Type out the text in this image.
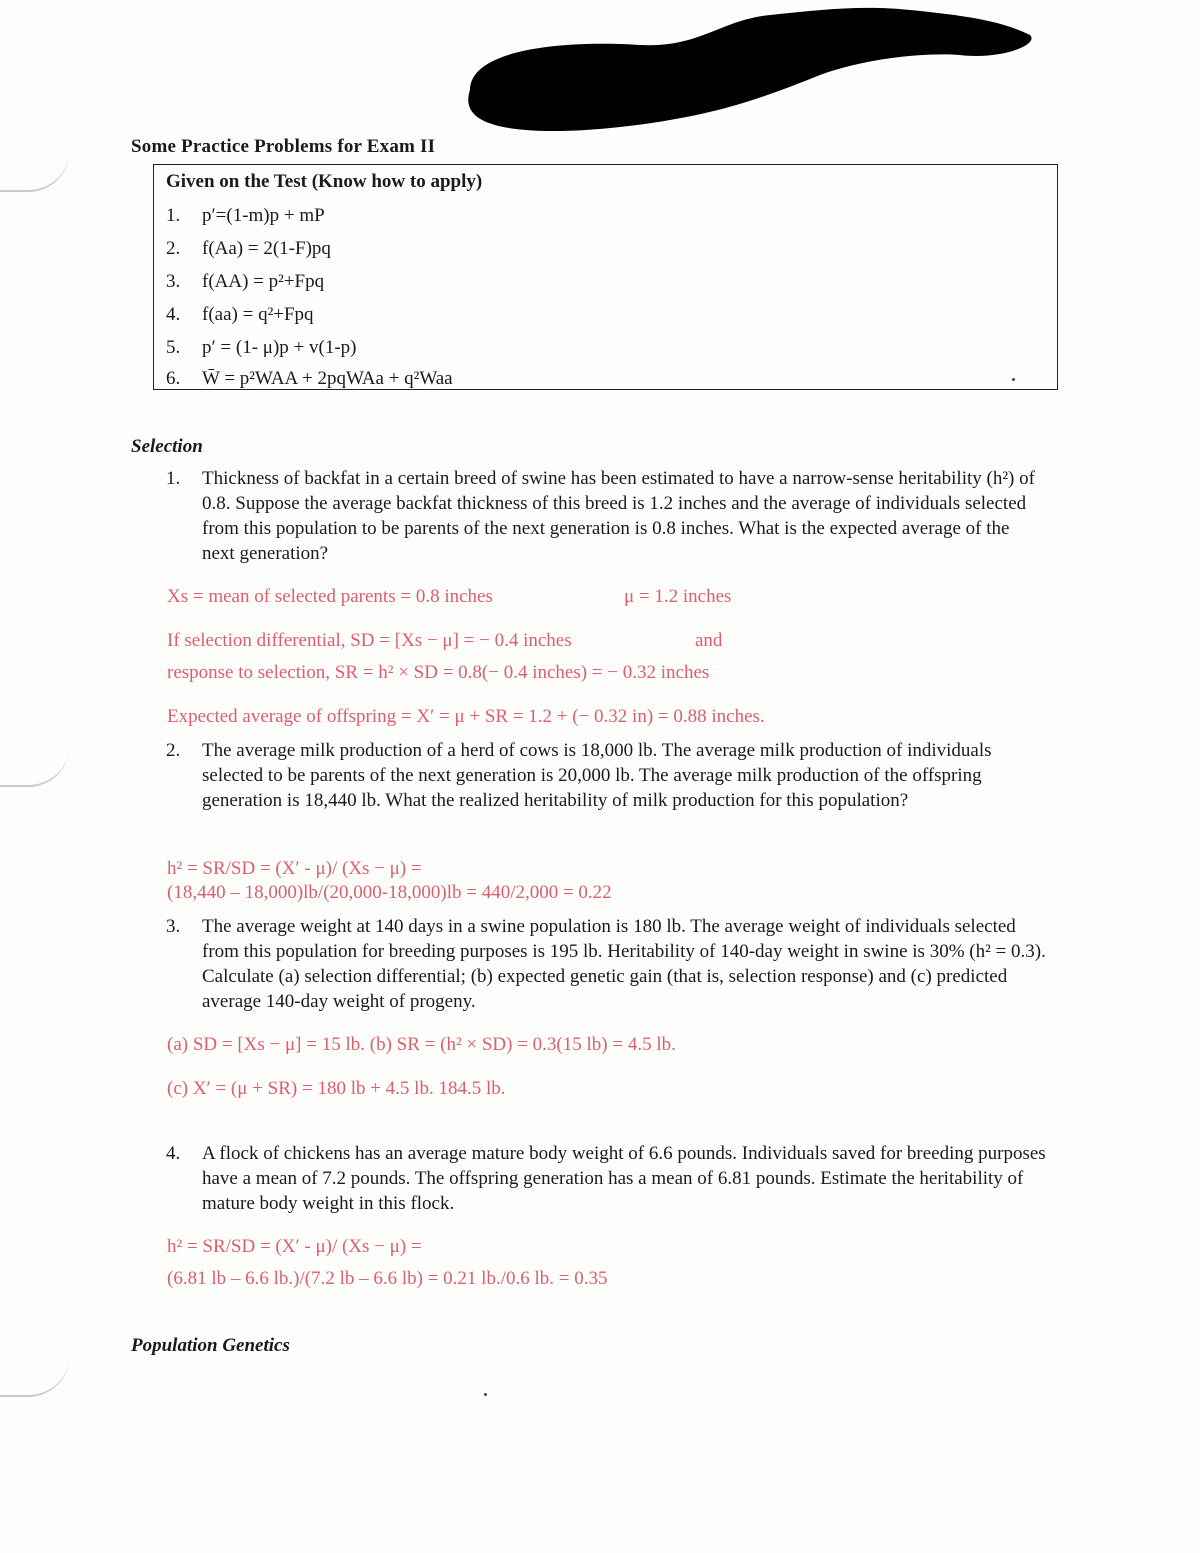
Some Practice Problems for Exam II
Given on the Test (Know how to apply)
1. p′=(1-m)p + mP
2. f(Aa) = 2(1-F)pq
3. f(AA) = p²+Fpq
4. f(aa) = q²+Fpq
5. p′ = (1- μ)p + v(1-p)
6. W̄ = p²WAA + 2pqWAa + q²Waa
Selection
1. Thickness of backfat in a certain breed of swine has been estimated to have a narrow-sense heritability (h²) of 0.8. Suppose the average backfat thickness of this breed is 1.2 inches and the average of individuals selected from this population to be parents of the next generation is 0.8 inches. What is the expected average of the next generation?
Xs = mean of selected parents = 0.8 inches	μ = 1.2 inches
If selection differential, SD = [Xs − μ] = − 0.4 inches	and
response to selection, SR = h² × SD = 0.8(− 0.4 inches) = − 0.32 inches
Expected average of offspring = X′ = μ + SR = 1.2 + (− 0.32 in) = 0.88 inches.
2. The average milk production of a herd of cows is 18,000 lb. The average milk production of individuals selected to be parents of the next generation is 20,000 lb. The average milk production of the offspring generation is 18,440 lb. What the realized heritability of milk production for this population?
h² = SR/SD = (X′ - μ)/ (Xs − μ) =
(18,440 – 18,000)lb/(20,000-18,000)lb = 440/2,000 = 0.22
3. The average weight at 140 days in a swine population is 180 lb. The average weight of individuals selected from this population for breeding purposes is 195 lb. Heritability of 140-day weight in swine is 30% (h² = 0.3). Calculate (a) selection differential; (b) expected genetic gain (that is, selection response) and (c) predicted average 140-day weight of progeny.
(a) SD = [Xs − μ] = 15 lb. (b) SR = (h² × SD) = 0.3(15 lb) = 4.5 lb.
(c) X′ = (μ + SR) = 180 lb + 4.5 lb. 184.5 lb.
4. A flock of chickens has an average mature body weight of 6.6 pounds. Individuals saved for breeding purposes have a mean of 7.2 pounds. The offspring generation has a mean of 6.81 pounds. Estimate the heritability of mature body weight in this flock.
h² = SR/SD = (X′ - μ)/ (Xs − μ) =
(6.81 lb – 6.6 lb.)/(7.2 lb – 6.6 lb) = 0.21 lb./0.6 lb. = 0.35
Population Genetics
